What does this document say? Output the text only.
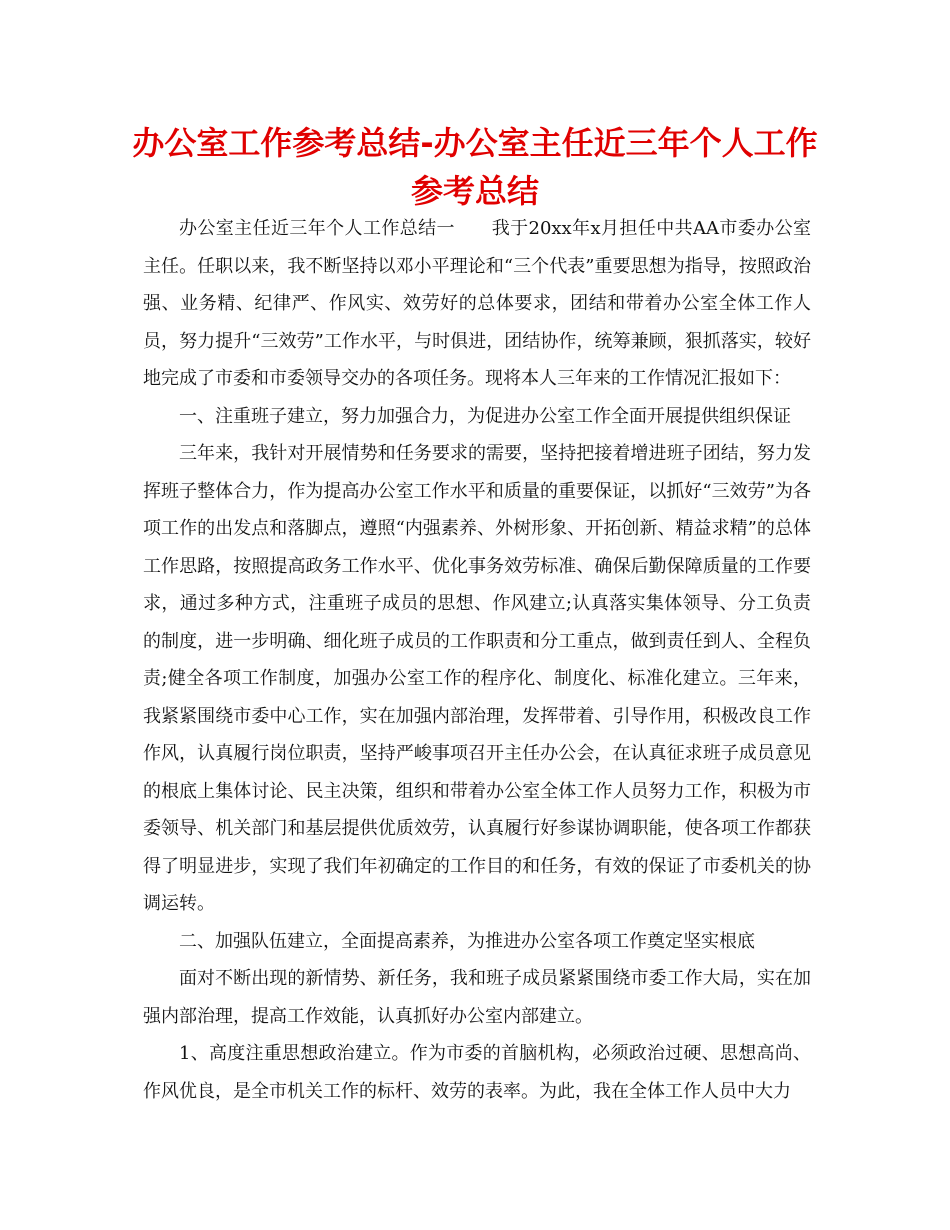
办公室工作参考总结-办公室主任近三年个人工作
参考总结

办公室主任近三年个人工作总结一　　我于20xx年x月担任中共AA市委办公室主任。任职以来，我不断坚持以邓小平理论和“三个代表”重要思想为指导，按照政治强、业务精、纪律严、作风实、效劳好的总体要求，团结和带着办公室全体工作人员，努力提升“三效劳”工作水平，与时俱进，团结协作，统筹兼顾，狠抓落实，较好地完成了市委和市委领导交办的各项任务。现将本人三年来的工作情况汇报如下：

一、注重班子建立，努力加强合力，为促进办公室工作全面开展提供组织保证

三年来，我针对开展情势和任务要求的需要，坚持把接着增进班子团结，努力发挥班子整体合力，作为提高办公室工作水平和质量的重要保证，以抓好“三效劳”为各项工作的出发点和落脚点，遵照“内强素养、外树形象、开拓创新、精益求精”的总体工作思路，按照提高政务工作水平、优化事务效劳标准、确保后勤保障质量的工作要求，通过多种方式，注重班子成员的思想、作风建立;认真落实集体领导、分工负责的制度，进一步明确、细化班子成员的工作职责和分工重点，做到责任到人、全程负责;健全各项工作制度，加强办公室工作的程序化、制度化、标准化建立。三年来，我紧紧围绕市委中心工作，实在加强内部治理，发挥带着、引导作用，积极改良工作作风，认真履行岗位职责，坚持严峻事项召开主任办公会，在认真征求班子成员意见的根底上集体讨论、民主决策，组织和带着办公室全体工作人员努力工作，积极为市委领导、机关部门和基层提供优质效劳，认真履行好参谋协调职能，使各项工作都获得了明显进步，实现了我们年初确定的工作目的和任务，有效的保证了市委机关的协调运转。

二、加强队伍建立，全面提高素养，为推进办公室各项工作奠定坚实根底

面对不断出现的新情势、新任务，我和班子成员紧紧围绕市委工作大局，实在加强内部治理，提高工作效能，认真抓好办公室内部建立。

1、高度注重思想政治建立。作为市委的首脑机构，必须政治过硬、思想高尚、作风优良，是全市机关工作的标杆、效劳的表率。为此，我在全体工作人员中大力
